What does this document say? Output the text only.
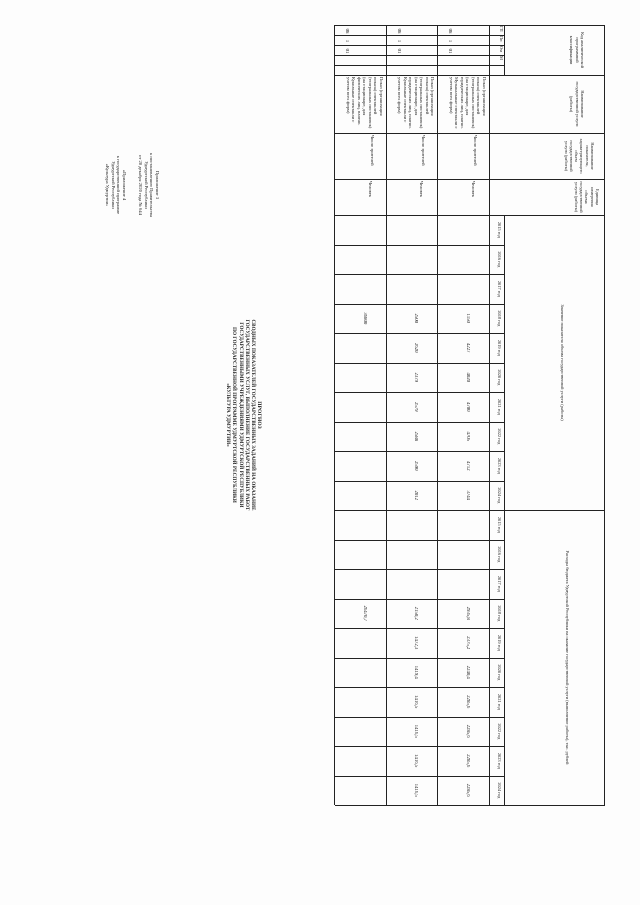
Приложение 3
к постановлению Правительства
Удмуртской Республики
от 28 декабря 2020 года № 644
«Приложение 4
к государственной программе
Удмуртской Республики
«Культура Удмуртии»
ПРОГНОЗ
СВОДНЫХ ПОКАЗАТЕЛЕЙ ГОСУДАРСТВЕННЫХ ЗАДАНИЙ НА ОКАЗАНИЕ
ГОСУДАРСТВЕННЫХ УСЛУГ, ВЫПОЛНЕНИЕ ГОСУДАРСТВЕННЫХ РАБОТ
ГОСУДАРСТВЕННЫМИ УЧРЕЖДЕНИЯМИ УДМУРТСКОЙ РЕСПУБЛИКИ
ПО ГОСУДАРСТВЕННОЙ ПРОГРАММЕ УДМУРТСКОЙ РЕСПУБЛИКИ
«КУЛЬТУРА УДМУРТИИ»
Код аналитической программной классификации
ГП
Пп
Ом
М
Наименование государственной услуги (работы)
Наименование показателя, характеризующего объем государственной услуги (работы)
Единица измерения объема государственной услуги (работы)
Значение показателя объема государственной услуги (работы)
Расходы бюджета Удмуртской Республики на оказание государственной услуги (выполнение работы), тыс. рублей
2015 год
2015 год
2016 год
2016 год
2017 год
2017 год
2018 год
2018 год
2019 год
2019 год
2020 год
2020 год
2021 год
2021 год
2022 год
2022 год
2023 год
2023 год
2024 год
2024 год
08
1
01
Показ (организация показа) спектаклей (театральных постановок) (на стационаре, для юридических лиц, платно. Музыкальные спектакли с учетом всех форм)
Число зрителей
Человек
1150
4227
4020
4700
4705
4712
3744
2935,8
2375,2
2240,4
2285,6
2285,6
2285,6
2285,6
08
1
01
Показ (организация показа) спектаклей (театральных постановок) (на стационаре, для юридических лиц, платно. Кукольные спектакли с учетом всех форм)
Число зрителей
Человек
2500
2620
2379
2579
2588
2590
2012
2150,2
1472,3
1419,4
1416,5
1416,5
1416,5
1416,5
08
1
01
Показ (организация показа) спектаклей (театральных постановок) (на стационаре, для физических лиц, платно. Кукольные спектакли с учетом всех форм)
Число зрителей
Человек
36800
26470,7
